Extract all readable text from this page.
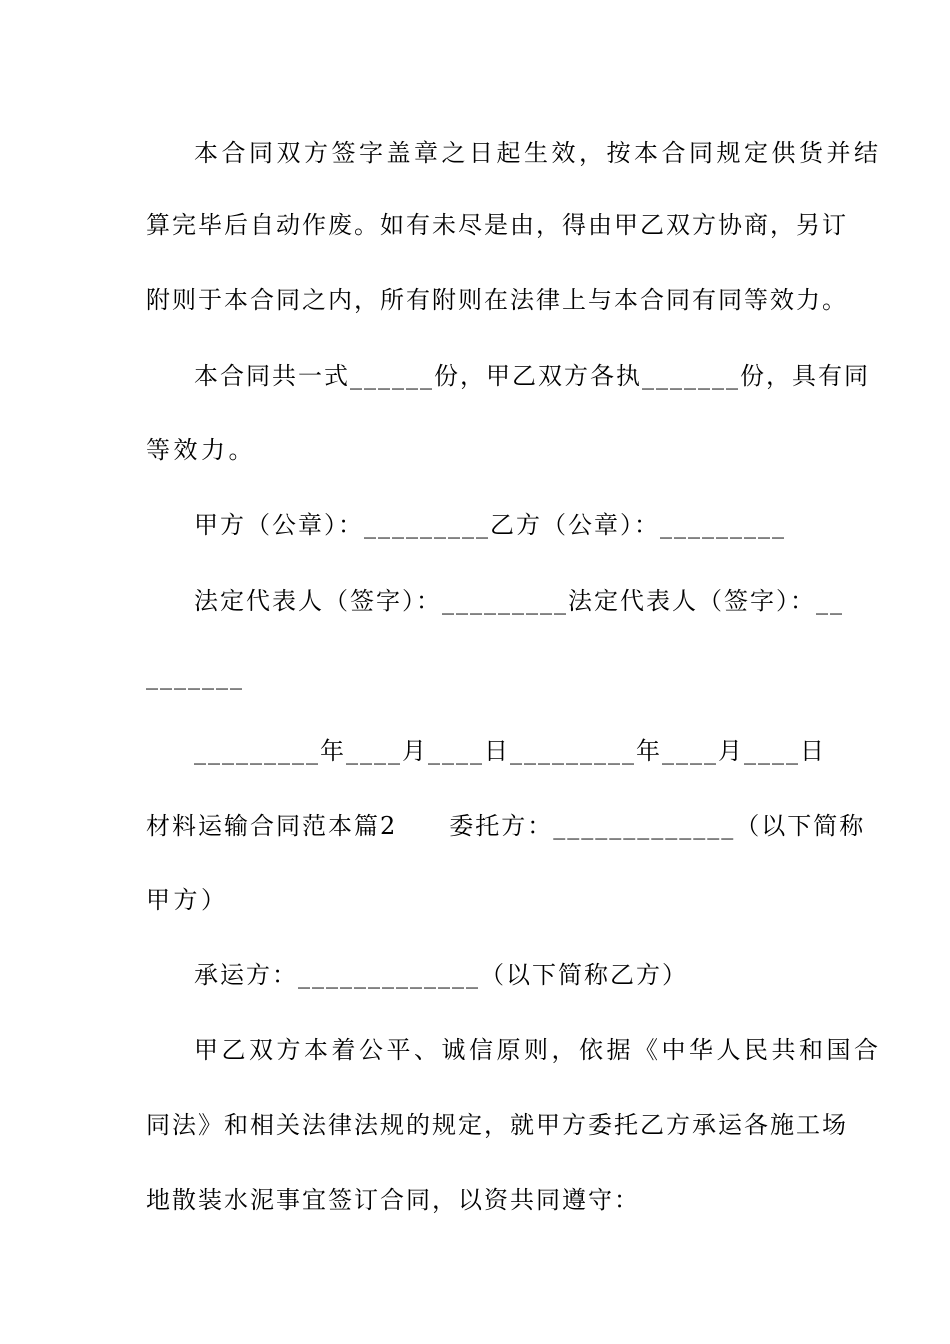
本合同双方签字盖章之日起生效，按本合同规定供货并结
算完毕后自动作废。如有未尽是由，得由甲乙双方协商，另订
附则于本合同之内，所有附则在法律上与本合同有同等效力。
本合同共一式______份，甲乙双方各执_______份，具有同
等效力。
甲方（公章）：_________乙方（公章）：_________
法定代表人（签字）：_________法定代表人（签字）：__
_______
_________年____月____日_________年____月____日
材料运输合同范本篇2　　委托方：_____________（以下简称
甲方）
承运方：_____________（以下简称乙方）
甲乙双方本着公平、诚信原则，依据《中华人民共和国合
同法》和相关法律法规的规定，就甲方委托乙方承运各施工场
地散装水泥事宜签订合同，以资共同遵守：
